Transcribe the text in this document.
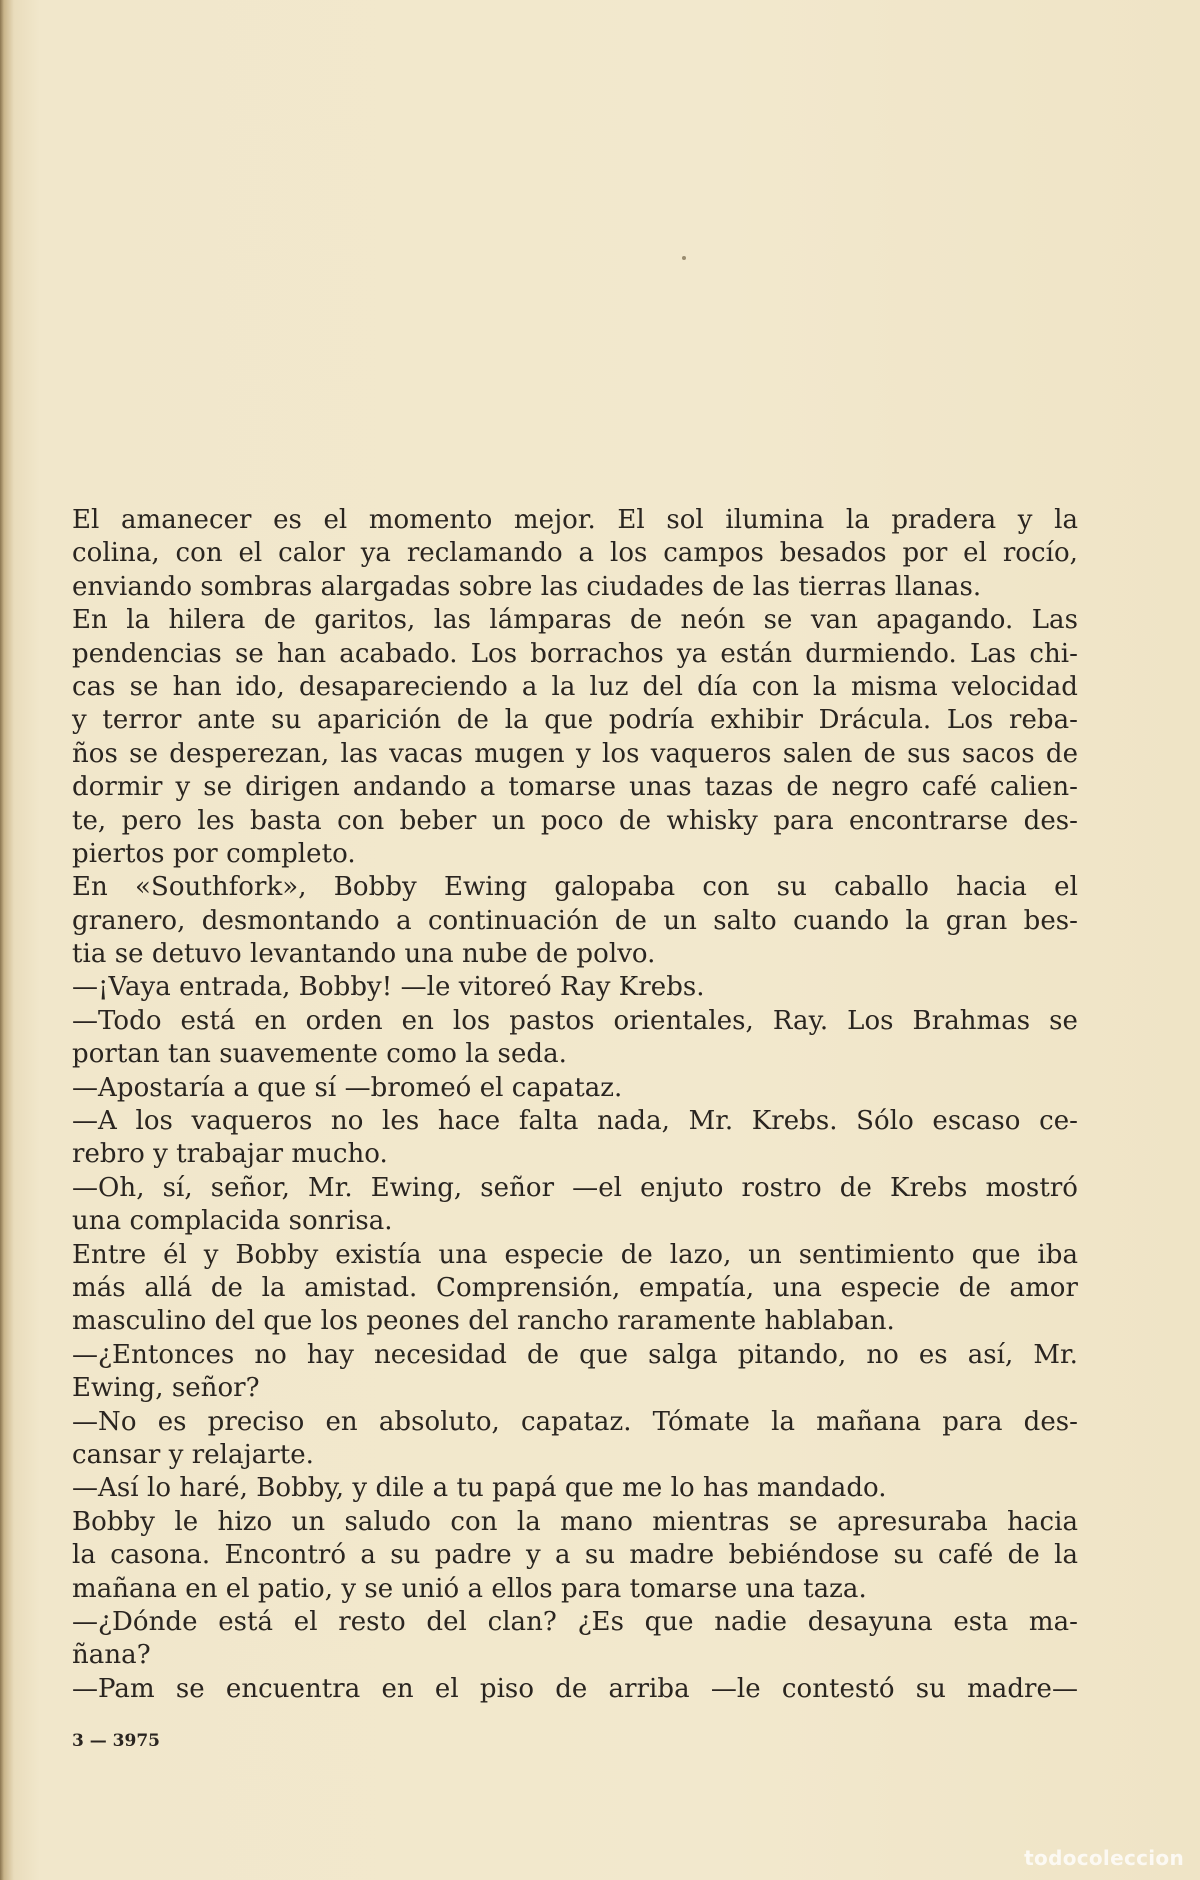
El amanecer es el momento mejor. El sol ilumina la pradera y la
colina, con el calor ya reclamando a los campos besados por el rocío,
enviando sombras alargadas sobre las ciudades de las tierras llanas.
En la hilera de garitos, las lámparas de neón se van apagando. Las
pendencias se han acabado. Los borrachos ya están durmiendo. Las chi-
cas se han ido, desapareciendo a la luz del día con la misma velocidad
y terror ante su aparición de la que podría exhibir Drácula. Los reba-
ños se desperezan, las vacas mugen y los vaqueros salen de sus sacos de
dormir y se dirigen andando a tomarse unas tazas de negro café calien-
te, pero les basta con beber un poco de whisky para encontrarse des-
piertos por completo.
En «Southfork», Bobby Ewing galopaba con su caballo hacia el
granero, desmontando a continuación de un salto cuando la gran bes-
tia se detuvo levantando una nube de polvo.
—¡Vaya entrada, Bobby! —le vitoreó Ray Krebs.
—Todo está en orden en los pastos orientales, Ray. Los Brahmas se
portan tan suavemente como la seda.
—Apostaría a que sí —bromeó el capataz.
—A los vaqueros no les hace falta nada, Mr. Krebs. Sólo escaso ce-
rebro y trabajar mucho.
—Oh, sí, señor, Mr. Ewing, señor —el enjuto rostro de Krebs mostró
una complacida sonrisa.
Entre él y Bobby existía una especie de lazo, un sentimiento que iba
más allá de la amistad. Comprensión, empatía, una especie de amor
masculino del que los peones del rancho raramente hablaban.
—¿Entonces no hay necesidad de que salga pitando, no es así, Mr.
Ewing, señor?
—No es preciso en absoluto, capataz. Tómate la mañana para des-
cansar y relajarte.
—Así lo haré, Bobby, y dile a tu papá que me lo has mandado.
Bobby le hizo un saludo con la mano mientras se apresuraba hacia
la casona. Encontró a su padre y a su madre bebiéndose su café de la
mañana en el patio, y se unió a ellos para tomarse una taza.
—¿Dónde está el resto del clan? ¿Es que nadie desayuna esta ma-
ñana?
—Pam se encuentra en el piso de arriba —le contestó su madre—
3 — 3975
todocoleccion
